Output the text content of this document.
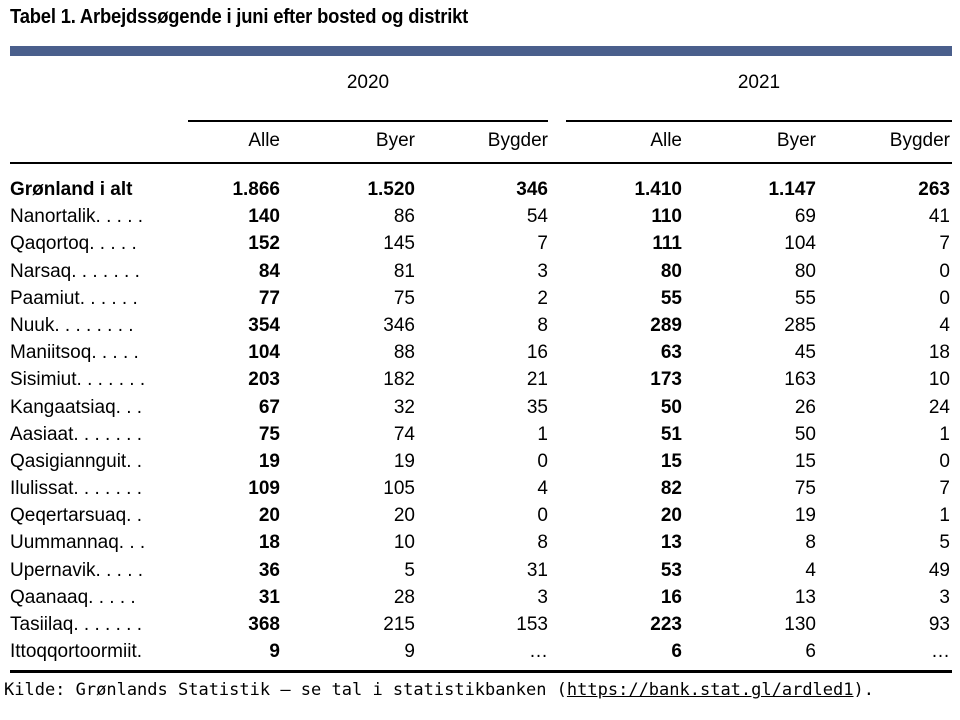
Tabel 1. Arbejdssøgende i juni efter bosted og distrikt
2020	2021
Alle	Byer	Bygder	Alle	Byer	Bygder
Grønland i alt	1.866	1.520	346	1.410	1.147	263
Nanortalik. . . . .	140	86	54	110	69	41
Qaqortoq. . . . .	152	145	7	111	104	7
Narsaq. . . . . . .	84	81	3	80	80	0
Paamiut. . . . . .	77	75	2	55	55	0
Nuuk. . . . . . . .	354	346	8	289	285	4
Maniitsoq. . . . .	104	88	16	63	45	18
Sisimiut. . . . . . .	203	182	21	173	163	10
Kangaatsiaq. . .	67	32	35	50	26	24
Aasiaat. . . . . . .	75	74	1	51	50	1
Qasigiannguit. .	19	19	0	15	15	0
Ilulissat. . . . . . .	109	105	4	82	75	7
Qeqertarsuaq. .	20	20	0	20	19	1
Uummannaq. . .	18	10	8	13	8	5
Upernavik. . . . .	36	5	31	53	4	49
Qaanaaq. . . . .	31	28	3	16	13	3
Tasiilaq. . . . . . .	368	215	153	223	130	93
Ittoqqortoormiit.	9	9	…	6	6	…
Kilde: Grønlands Statistik – se tal i statistikbanken (https://bank.stat.gl/ardled1).
